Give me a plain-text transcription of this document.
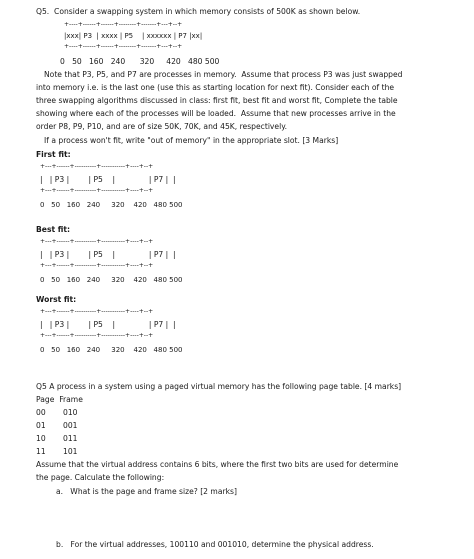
Q5.  Consider a swapping system in which memory consists of 500K as shown below.
+----+------+------+--------+-------+---+--+
|xxx| P3  | xxxx | P5    | xxxxxx | P7 |xx|
+----+------+------+--------+-------+---+--+
0   50   160   240      320     420   480 500
Note that P3, P5, and P7 are processes in memory.  Assume that process P3 was just swapped
into memory i.e. is the last one (use this as starting location for next fit). Consider each of the
three swapping algorithms discussed in class: first fit, best fit and worst fit, Complete the table
showing where each of the processes will be loaded.  Assume that new processes arrive in the
order P8, P9, P10, and are of size 50K, 70K, and 45K, respectively.
If a process won't fit, write "out of memory" in the appropriate slot. [3 Marks]
First fit:
+---+------+----------+-----------+----+--+
|   | P3 |        | P5    |              | P7 |  |
+---+------+----------+-----------+----+--+
0   50   160   240     320    420   480 500
Best fit:
+---+------+----------+-----------+----+--+
|   | P3 |        | P5    |              | P7 |  |
+---+------+----------+-----------+----+--+
0   50   160   240     320    420   480 500
Worst fit:
+---+------+----------+-----------+----+--+
|   | P3 |        | P5    |              | P7 |  |
+---+------+----------+-----------+----+--+
0   50   160   240     320    420   480 500
Q5 A process in a system using a paged virtual memory has the following page table. [4 marks]
Page  Frame
00 010
01 001
10 011
11 101
Assume that the virtual address contains 6 bits, where the first two bits are used for determine
the page. Calculate the following:
a.   What is the page and frame size? [2 marks]
b.   For the virtual addresses, 100110 and 001010, determine the physical address.
